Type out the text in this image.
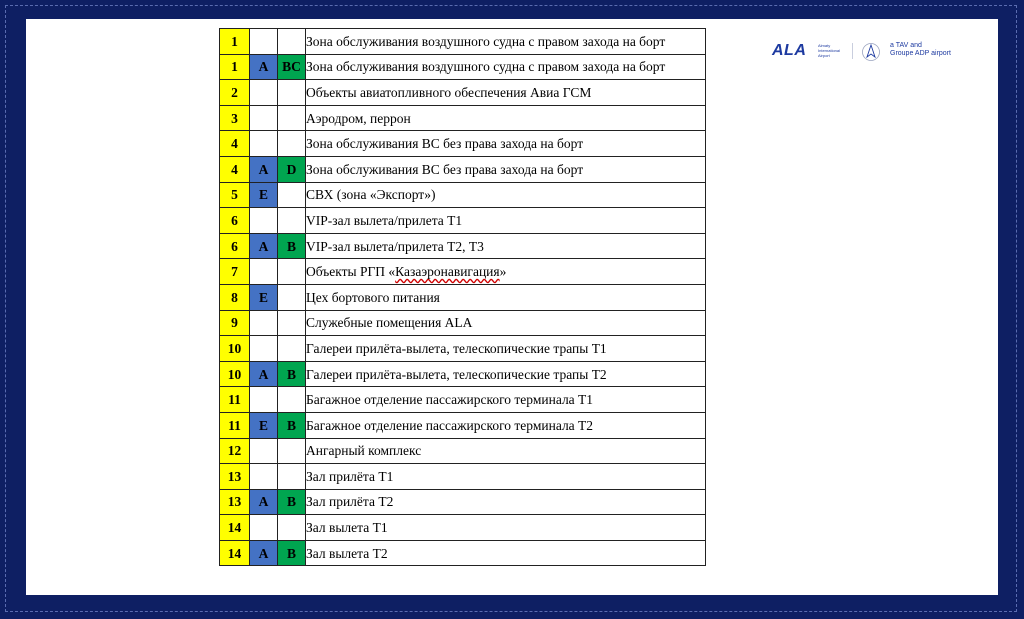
1			Зона обслуживания воздушного судна с правом захода на борт
1	A	BC	Зона обслуживания воздушного судна с правом захода на борт
2			Объекты авиатопливного обеспечения Авиа ГСМ
3			Аэродром, перрон
4			Зона обслуживания ВС без права захода на борт
4	A	D	Зона обслуживания ВС без права захода на борт
5	E		СВХ (зона «Экспорт»)
6			VIP-зал вылета/прилета Т1
6	A	B	VIP-зал вылета/прилета Т2, Т3
7			Объекты РГП «Казаэронавигация»
8	E		Цех бортового питания
9			Служебные помещения ALA
10			Галереи прилёта-вылета, телескопические трапы Т1
10	A	B	Галереи прилёта-вылета, телескопические трапы Т2
11			Багажное отделение пассажирского терминала Т1
11	E	B	Багажное отделение пассажирского терминала Т2
12			Ангарный комплекс
13			Зал прилёта Т1
13	A	B	Зал прилёта Т2
14			Зал вылета Т1
14	A	B	Зал вылета Т2
ALA	Almaty International Airport
a TAV and
Groupe ADP airport
